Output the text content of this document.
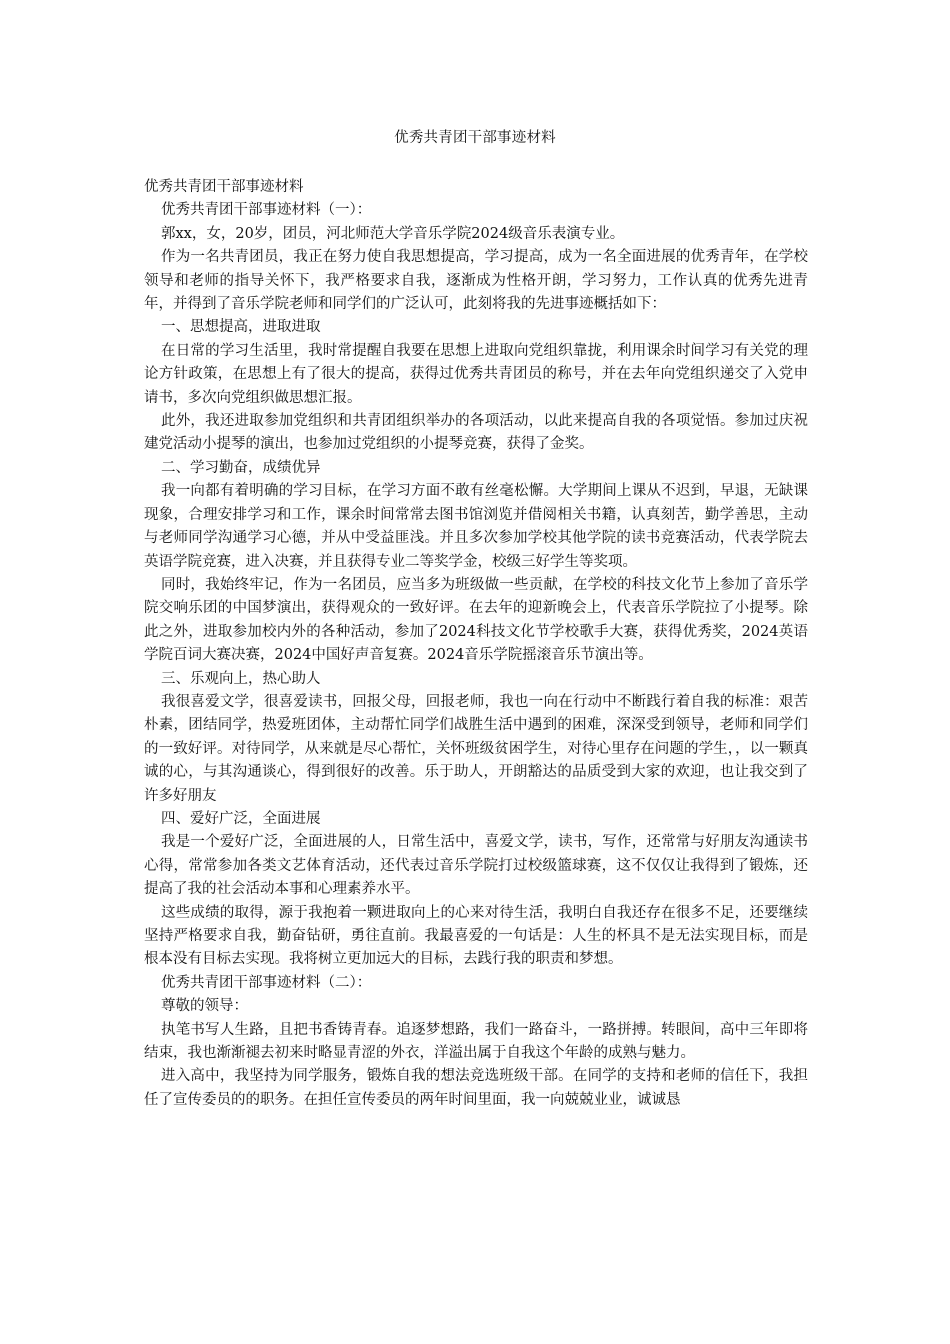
优秀共青团干部事迹材料

优秀共青团干部事迹材料

优秀共青团干部事迹材料（一）：

郭xx，女，20岁，团员，河北师范大学音乐学院2024级音乐表演专业。

作为一名共青团员，我正在努力使自我思想提高，学习提高，成为一名全面进展的优秀青年，在学校领导和老师的指导关怀下，我严格要求自我，逐渐成为性格开朗，学习努力，工作认真的优秀先进青年，并得到了音乐学院老师和同学们的广泛认可，此刻将我的先进事迹概括如下：

一、思想提高，进取进取

在日常的学习生活里，我时常提醒自我要在思想上进取向党组织靠拢，利用课余时间学习有关党的理论方针政策，在思想上有了很大的提高，获得过优秀共青团员的称号，并在去年向党组织递交了入党申请书，多次向党组织做思想汇报。

此外，我还进取参加党组织和共青团组织举办的各项活动，以此来提高自我的各项觉悟。参加过庆祝建党活动小提琴的演出，也参加过党组织的小提琴竞赛，获得了金奖。

二、学习勤奋，成绩优异

我一向都有着明确的学习目标，在学习方面不敢有丝毫松懈。大学期间上课从不迟到，早退，无缺课现象，合理安排学习和工作，课余时间常常去图书馆浏览并借阅相关书籍，认真刻苦，勤学善思，主动与老师同学沟通学习心德，并从中受益匪浅。并且多次参加学校其他学院的读书竞赛活动，代表学院去英语学院竞赛，进入决赛，并且获得专业二等奖学金，校级三好学生等奖项。

同时，我始终牢记，作为一名团员，应当多为班级做一些贡献，在学校的科技文化节上参加了音乐学院交响乐团的中国梦演出，获得观众的一致好评。在去年的迎新晚会上，代表音乐学院拉了小提琴。除此之外，进取参加校内外的各种活动，参加了2024科技文化节学校歌手大赛，获得优秀奖，2024英语学院百词大赛决赛，2024中国好声音复赛。2024音乐学院摇滚音乐节演出等。

三、乐观向上，热心助人

我很喜爱文学，很喜爱读书，回报父母，回报老师，我也一向在行动中不断践行着自我的标准：艰苦朴素，团结同学，热爱班团体，主动帮忙同学们战胜生活中遇到的困难，深深受到领导，老师和同学们的一致好评。对待同学，从来就是尽心帮忙，关怀班级贫困学生，对待心里存在问题的学生，，以一颗真诚的心，与其沟通谈心，得到很好的改善。乐于助人，开朗豁达的品质受到大家的欢迎，也让我交到了许多好朋友

四、爱好广泛，全面进展

我是一个爱好广泛，全面进展的人，日常生活中，喜爱文学，读书，写作，还常常与好朋友沟通读书心得，常常参加各类文艺体育活动，还代表过音乐学院打过校级篮球赛，这不仅仅让我得到了锻炼，还提高了我的社会活动本事和心理素养水平。

这些成绩的取得，源于我抱着一颗进取向上的心来对待生活，我明白自我还存在很多不足，还要继续坚持严格要求自我，勤奋钻研，勇往直前。我最喜爱的一句话是：人生的杯具不是无法实现目标，而是根本没有目标去实现。我将树立更加远大的目标，去践行我的职责和梦想。

优秀共青团干部事迹材料（二）：

尊敬的领导：

执笔书写人生路，且把书香铸青春。追逐梦想路，我们一路奋斗，一路拼搏。转眼间，高中三年即将结束，我也渐渐褪去初来时略显青涩的外衣，洋溢出属于自我这个年龄的成熟与魅力。

进入高中，我坚持为同学服务，锻炼自我的想法竞选班级干部。在同学的支持和老师的信任下，我担任了宣传委员的的职务。在担任宣传委员的两年时间里面，我一向兢兢业业，诚诚恳
